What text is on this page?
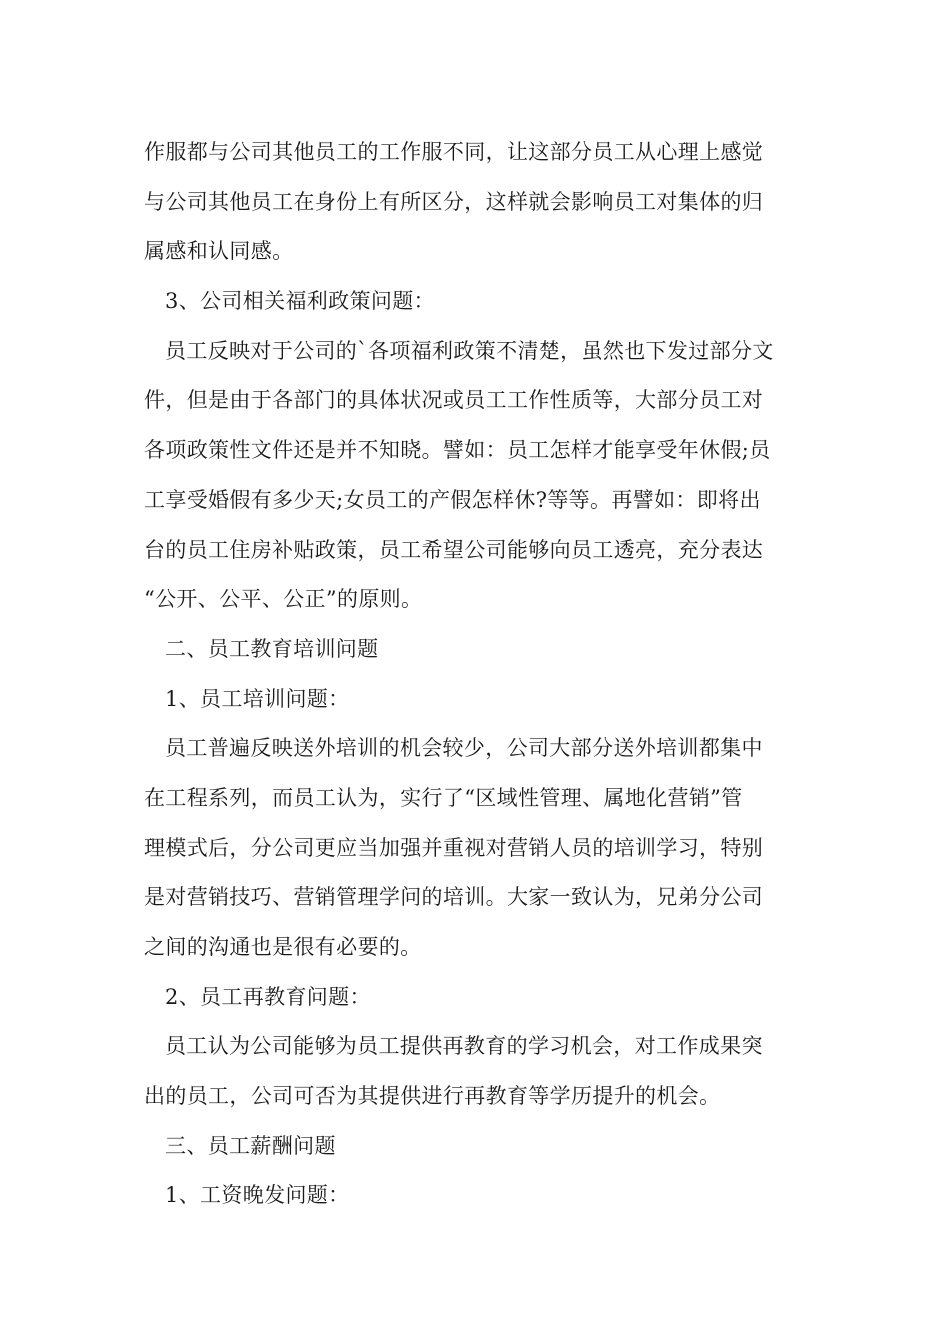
作服都与公司其他员工的工作服不同，让这部分员工从心理上感觉
与公司其他员工在身份上有所区分，这样就会影响员工对集体的归
属感和认同感。
3、公司相关福利政策问题：
员工反映对于公司的`各项福利政策不清楚，虽然也下发过部分文
件，但是由于各部门的具体状况或员工工作性质等，大部分员工对
各项政策性文件还是并不知晓。譬如：员工怎样才能享受年休假;员
工享受婚假有多少天;女员工的产假怎样休?等等。再譬如：即将出
台的员工住房补贴政策，员工希望公司能够向员工透亮，充分表达
“公开、公平、公正”的原则。
二、员工教育培训问题
1、员工培训问题：
员工普遍反映送外培训的机会较少，公司大部分送外培训都集中
在工程系列，而员工认为，实行了“区域性管理、属地化营销”管
理模式后，分公司更应当加强并重视对营销人员的培训学习，特别
是对营销技巧、营销管理学问的培训。大家一致认为，兄弟分公司
之间的沟通也是很有必要的。
2、员工再教育问题：
员工认为公司能够为员工提供再教育的学习机会，对工作成果突
出的员工，公司可否为其提供进行再教育等学历提升的机会。
三、员工薪酬问题
1、工资晚发问题：
